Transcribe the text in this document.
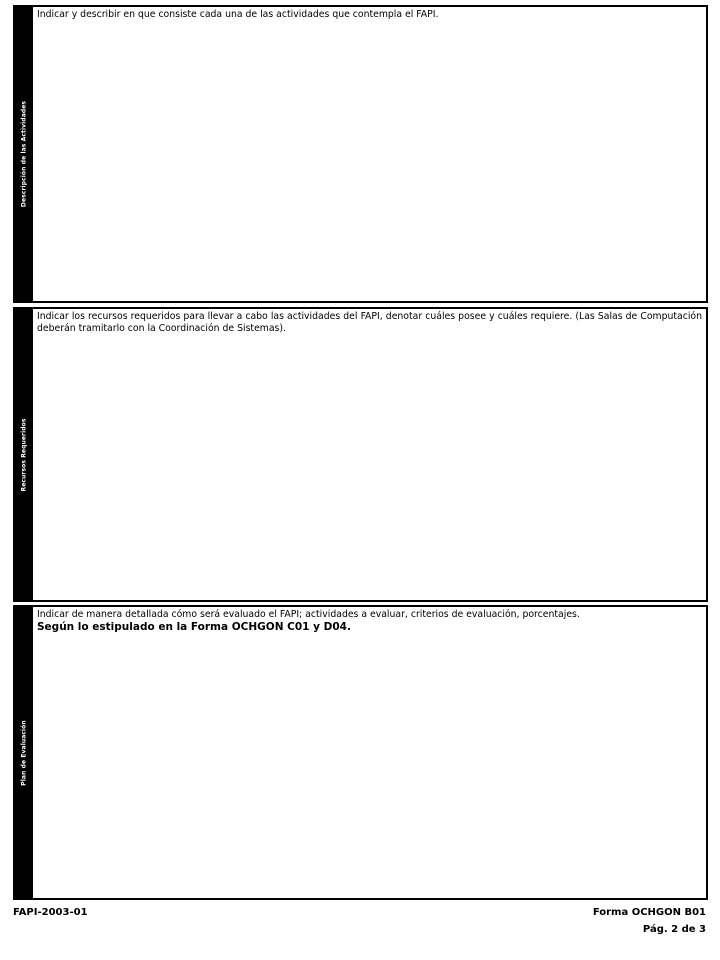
Descripción de las Actividades

Indicar y describir en que consiste cada una de las actividades que contempla el FAPI.

Recursos Requeridos

Indicar los recursos requeridos para llevar a cabo las actividades del FAPI, denotar cuáles posee y cuáles requiere. (Las Salas de Computación deberán tramitarlo con la Coordinación de Sistemas).

Plan de Evaluación

Indicar de manera detallada cómo será evaluado el FAPI; actividades a evaluar, criterios de evaluación, porcentajes.

Según lo estipulado en la Forma OCHGON C01 y D04.

FAPI-2003-01	Forma OCHGON B01
Pág. 2 de 3
